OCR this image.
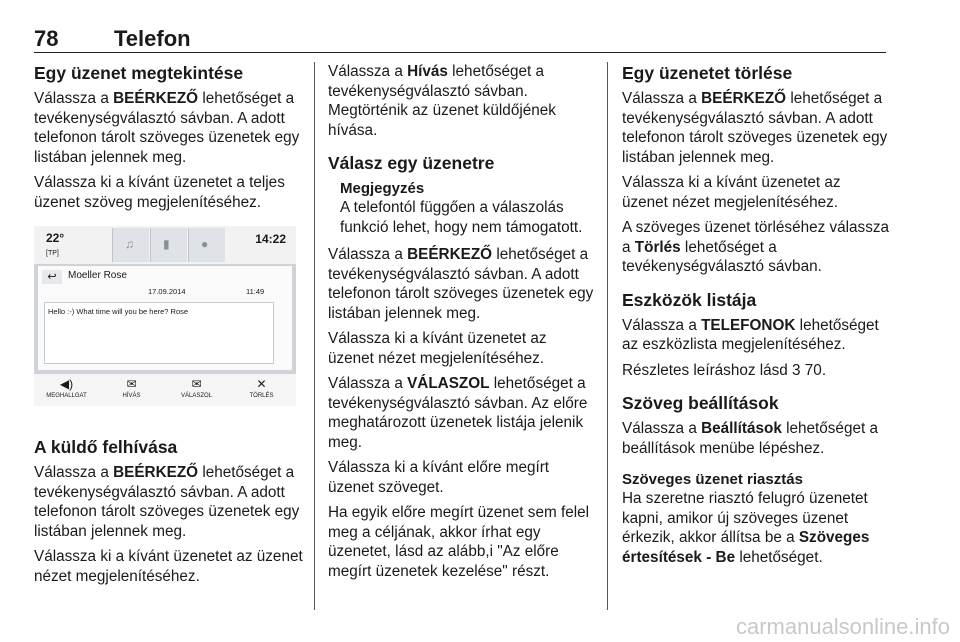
78	Telefon
Egy üzenet megtekintése

Válassza a BEÉRKEZŐ lehetőséget a tevékenységválasztó sávban. A adott telefonon tárolt szöveges üzenetek egy listában jelennek meg.

Válassza ki a kívánt üzenetet a teljes üzenet szöveg megjelenítéséhez.

22°
[TP]
♫ ▮	●	14:22
↩	Moeller Rose
17.09.2014	11:49
Hello :-) What time will you be here? Rose
◀)
MEGHALLGAT
✉
HÍVÁS
✉
VÁLASZOL
✕
TÖRLÉS
A küldő felhívása

Válassza a BEÉRKEZŐ lehetőséget a tevékenységválasztó sávban. A adott telefonon tárolt szöveges üzenetek egy listában jelennek meg.

Válassza ki a kívánt üzenetet az üzenet nézet megjelenítéséhez.

Válassza a Hívás lehetőséget a tevékenységválasztó sávban. Megtörténik az üzenet küldőjének hívása.

Válasz egy üzenetre
Megjegyzés

A telefontól függően a válaszolás funkció lehet, hogy nem támogatott.

Válassza a BEÉRKEZŐ lehetőséget a tevékenységválasztó sávban. A adott telefonon tárolt szöveges üzenetek egy listában jelennek meg.

Válassza ki a kívánt üzenetet az üzenet nézet megjelenítéséhez.

Válassza a VÁLASZOL lehetőséget a tevékenységválasztó sávban. Az előre meghatározott üzenetek listája jelenik meg.

Válassza ki a kívánt előre megírt üzenet szöveget.

Ha egyik előre megírt üzenet sem felel meg a céljának, akkor írhat egy üzenetet, lásd az alább,i "Az előre megírt üzenetek kezelése" részt.

Egy üzenetet törlése

Válassza a BEÉRKEZŐ lehetőséget a tevékenységválasztó sávban. A adott telefonon tárolt szöveges üzenetek egy listában jelennek meg.

Válassza ki a kívánt üzenetet az üzenet nézet megjelenítéséhez.

A szöveges üzenet törléséhez válassza a Törlés lehetőséget a tevékenységválasztó sávban.

Eszközök listája

Válassza a TELEFONOK lehetőséget az eszközlista megjelenítéséhez.

Részletes leíráshoz lásd 3 70.

Szöveg beállítások

Válassza a Beállítások lehetőséget a beállítások menübe lépéshez.

Szöveges üzenet riasztás

Ha szeretne riasztó felugró üzenetet kapni, amikor új szöveges üzenet érkezik, akkor állítsa be a Szöveges értesítések - Be lehetőséget.

carmanualsonline.info
